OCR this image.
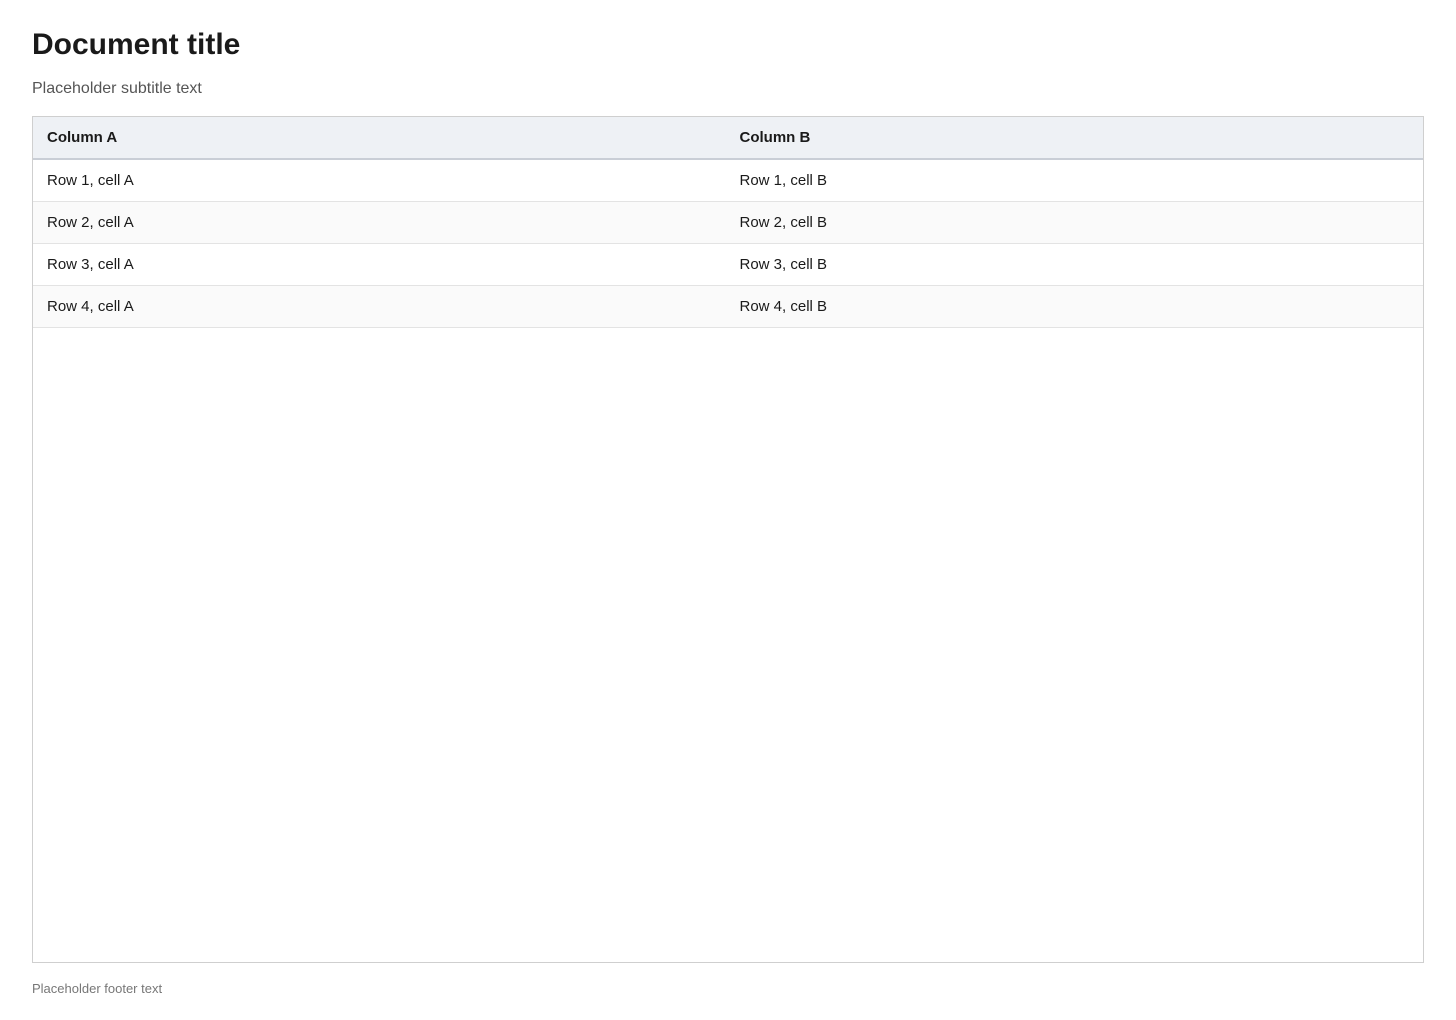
Document title

Placeholder subtitle text

Column A	Column B
Row 1, cell A	Row 1, cell B
Row 2, cell A	Row 2, cell B
Row 3, cell A	Row 3, cell B
Row 4, cell A	Row 4, cell B

Placeholder footer text
